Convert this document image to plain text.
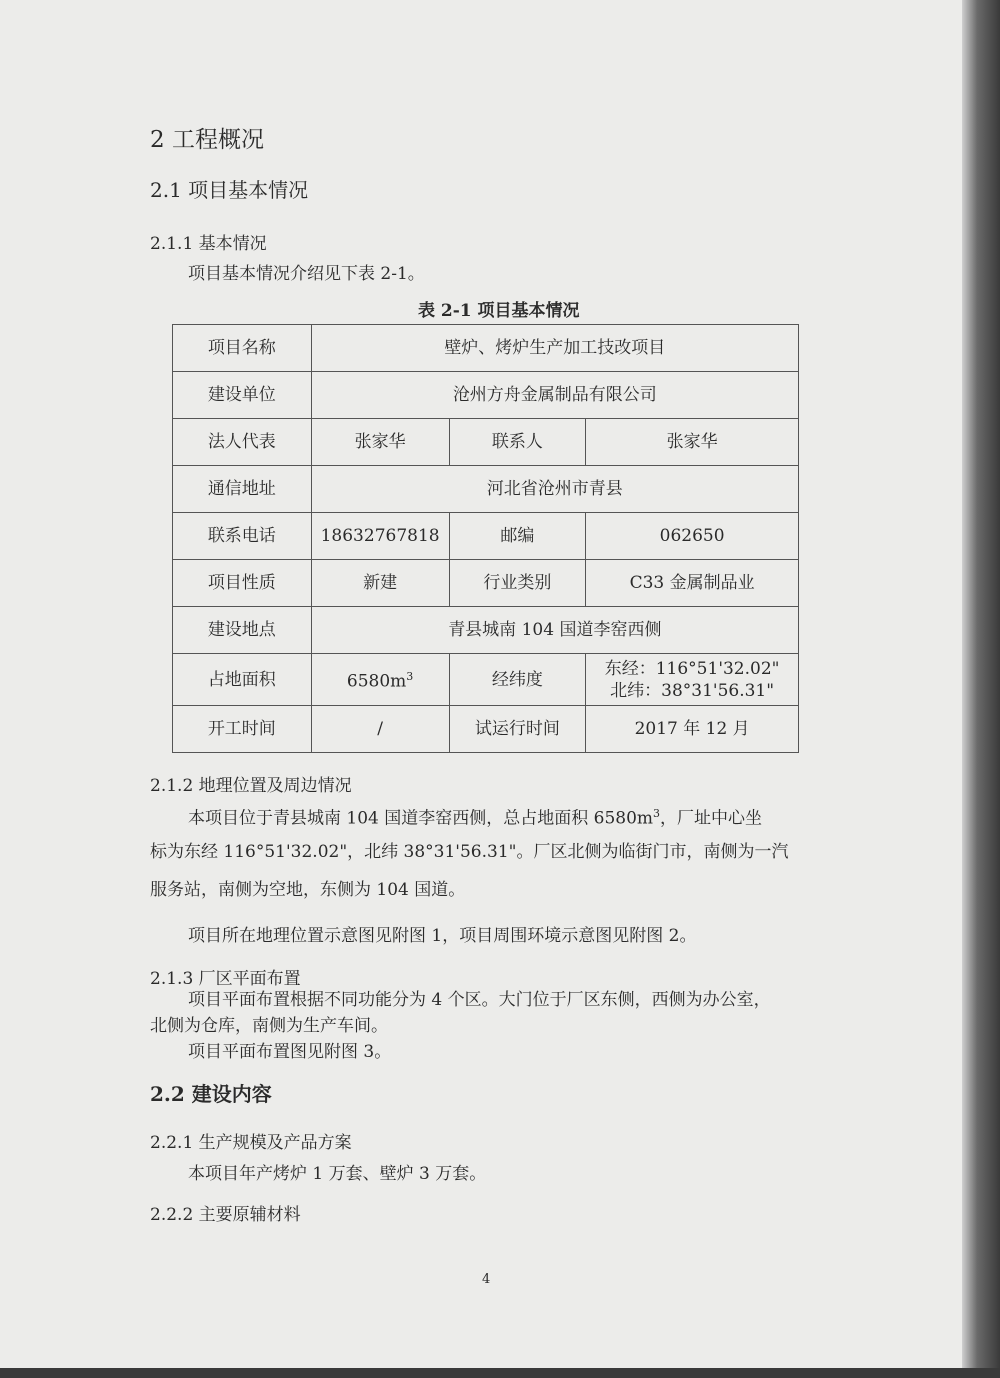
2 工程概况
2.1 项目基本情况
2.1.1 基本情况
项目基本情况介绍见下表 2-1。
表 2-1 项目基本情况
项目名称	壁炉、烤炉生产加工技改项目		
建设单位	沧州方舟金属制品有限公司		
法人代表	张家华	联系人	张家华
通信地址	河北省沧州市青县		
联系电话	18632767818	邮编	062650
项目性质	新建	行业类别	C33 金属制品业
建设地点	青县城南 104 国道李窑西侧		
占地面积	$6580m^3$	经纬度	东经：116°51'32.02"
北纬：38°31'56.31"

开工时间	/	试运行时间	2017 年 12 月
2.1.2 地理位置及周边情况
本项目位于青县城南 104 国道李窑西侧，总占地面积 $6580m^3$，厂址中心坐
标为东经 116°51'32.02"，北纬 38°31'56.31"。厂区北侧为临街门市，南侧为一汽
服务站，南侧为空地，东侧为 104 国道。
项目所在地理位置示意图见附图 1，项目周围环境示意图见附图 2。
2.1.3 厂区平面布置
项目平面布置根据不同功能分为 4 个区。大门位于厂区东侧，西侧为办公室，
北侧为仓库，南侧为生产车间。
项目平面布置图见附图 3。
2.2 建设内容
2.2.1 生产规模及产品方案
本项目年产烤炉 1 万套、壁炉 3 万套。
2.2.2 主要原辅材料
4
